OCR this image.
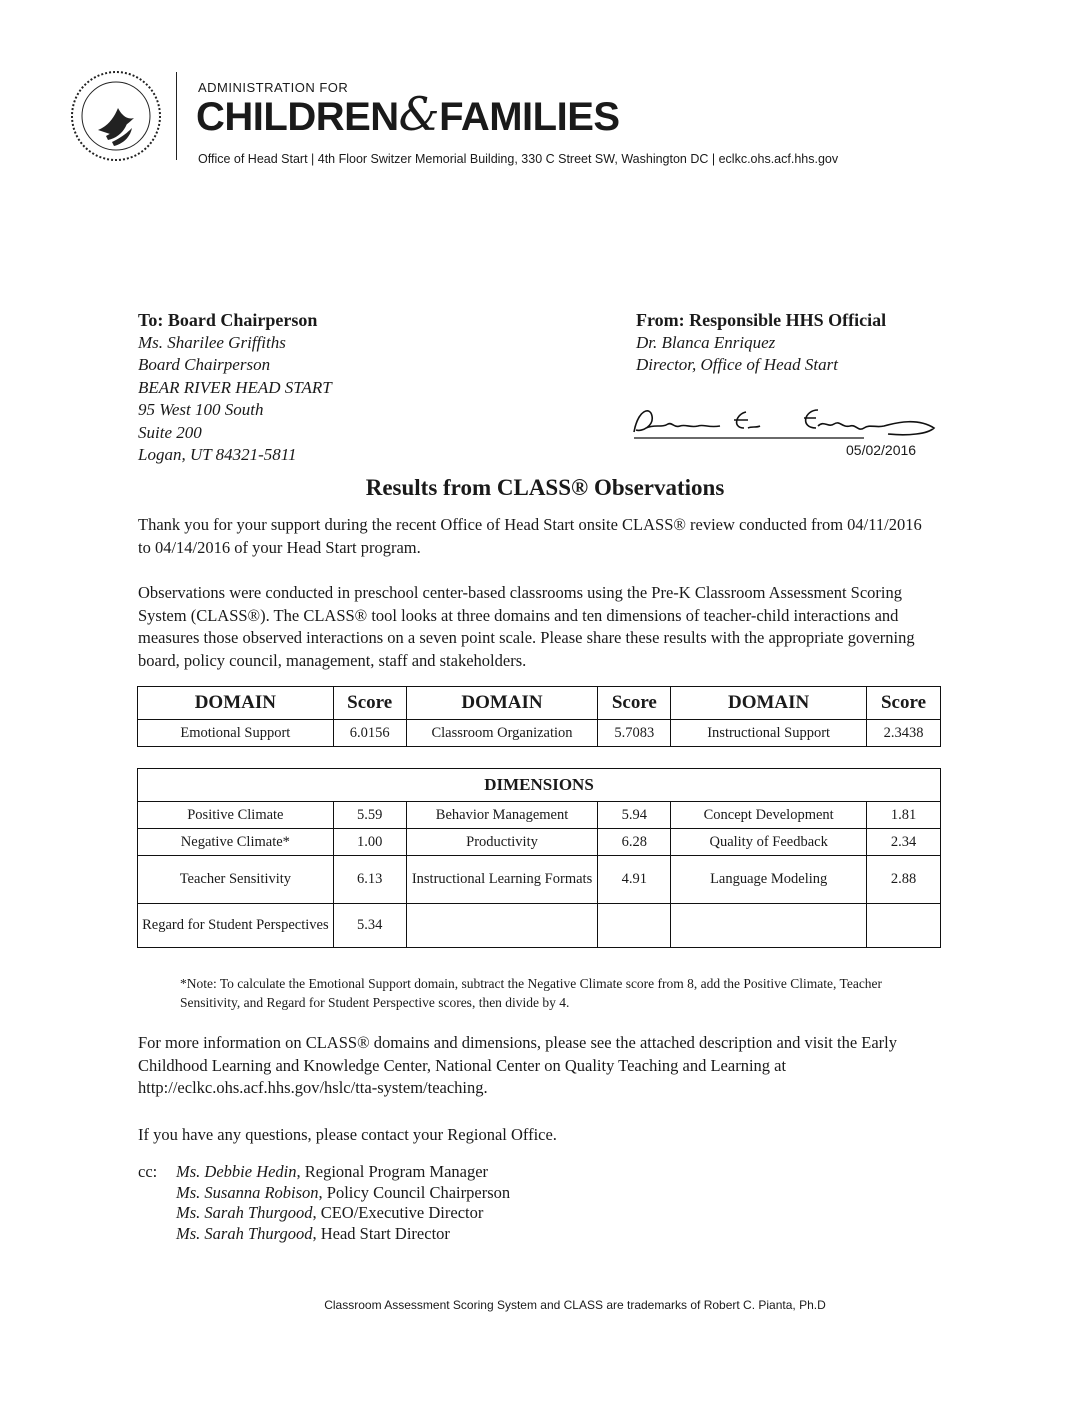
ADMINISTRATION FOR
CHILDREN&FAMILIES
Office of Head Start | 4th Floor Switzer Memorial Building, 330 C Street SW, Washington DC | eclkc.ohs.acf.hhs.gov
To: Board Chairperson
Ms. Sharilee Griffiths
Board Chairperson
BEAR RIVER HEAD START
95 West 100 South
Suite 200
Logan, UT 84321-5811
From: Responsible HHS Official
Dr. Blanca Enriquez
Director, Office of Head Start
05/02/2016
Results from CLASS® Observations
Thank you for your support during the recent Office of Head Start onsite CLASS® review conducted from 04/11/2016 to 04/14/2016 of your Head Start program.
Observations were conducted in preschool center-based classrooms using the Pre-K Classroom Assessment Scoring System (CLASS®). The CLASS® tool looks at three domains and ten dimensions of teacher-child interactions and measures those observed interactions on a seven point scale. Please share these results with the appropriate governing board, policy council, management, staff and stakeholders.
DOMAIN	Score	DOMAIN	Score	DOMAIN	Score
Emotional Support	6.0156	Classroom Organization	5.7083	Instructional Support	2.3438
DIMENSIONS					
Positive Climate	5.59	Behavior Management	5.94	Concept Development	1.81
Negative Climate*	1.00	Productivity	6.28	Quality of Feedback	2.34
Teacher Sensitivity	6.13	Instructional Learning Formats	4.91	Language Modeling	2.88
Regard for Student Perspectives	5.34				
*Note: To calculate the Emotional Support domain, subtract the Negative Climate score from 8, add the Positive Climate, Teacher Sensitivity, and Regard for Student Perspective scores, then divide by 4.
For more information on CLASS® domains and dimensions, please see the attached description and visit the Early Childhood Learning and Knowledge Center, National Center on Quality Teaching and Learning at http://eclkc.ohs.acf.hhs.gov/hslc/tta-system/teaching.
If you have any questions, please contact your Regional Office.
cc: Ms. Debbie Hedin, Regional Program Manager
Ms. Susanna Robison, Policy Council Chairperson
Ms. Sarah Thurgood, CEO/Executive Director
Ms. Sarah Thurgood, Head Start Director
Classroom Assessment Scoring System and CLASS are trademarks of Robert C. Pianta, Ph.D
